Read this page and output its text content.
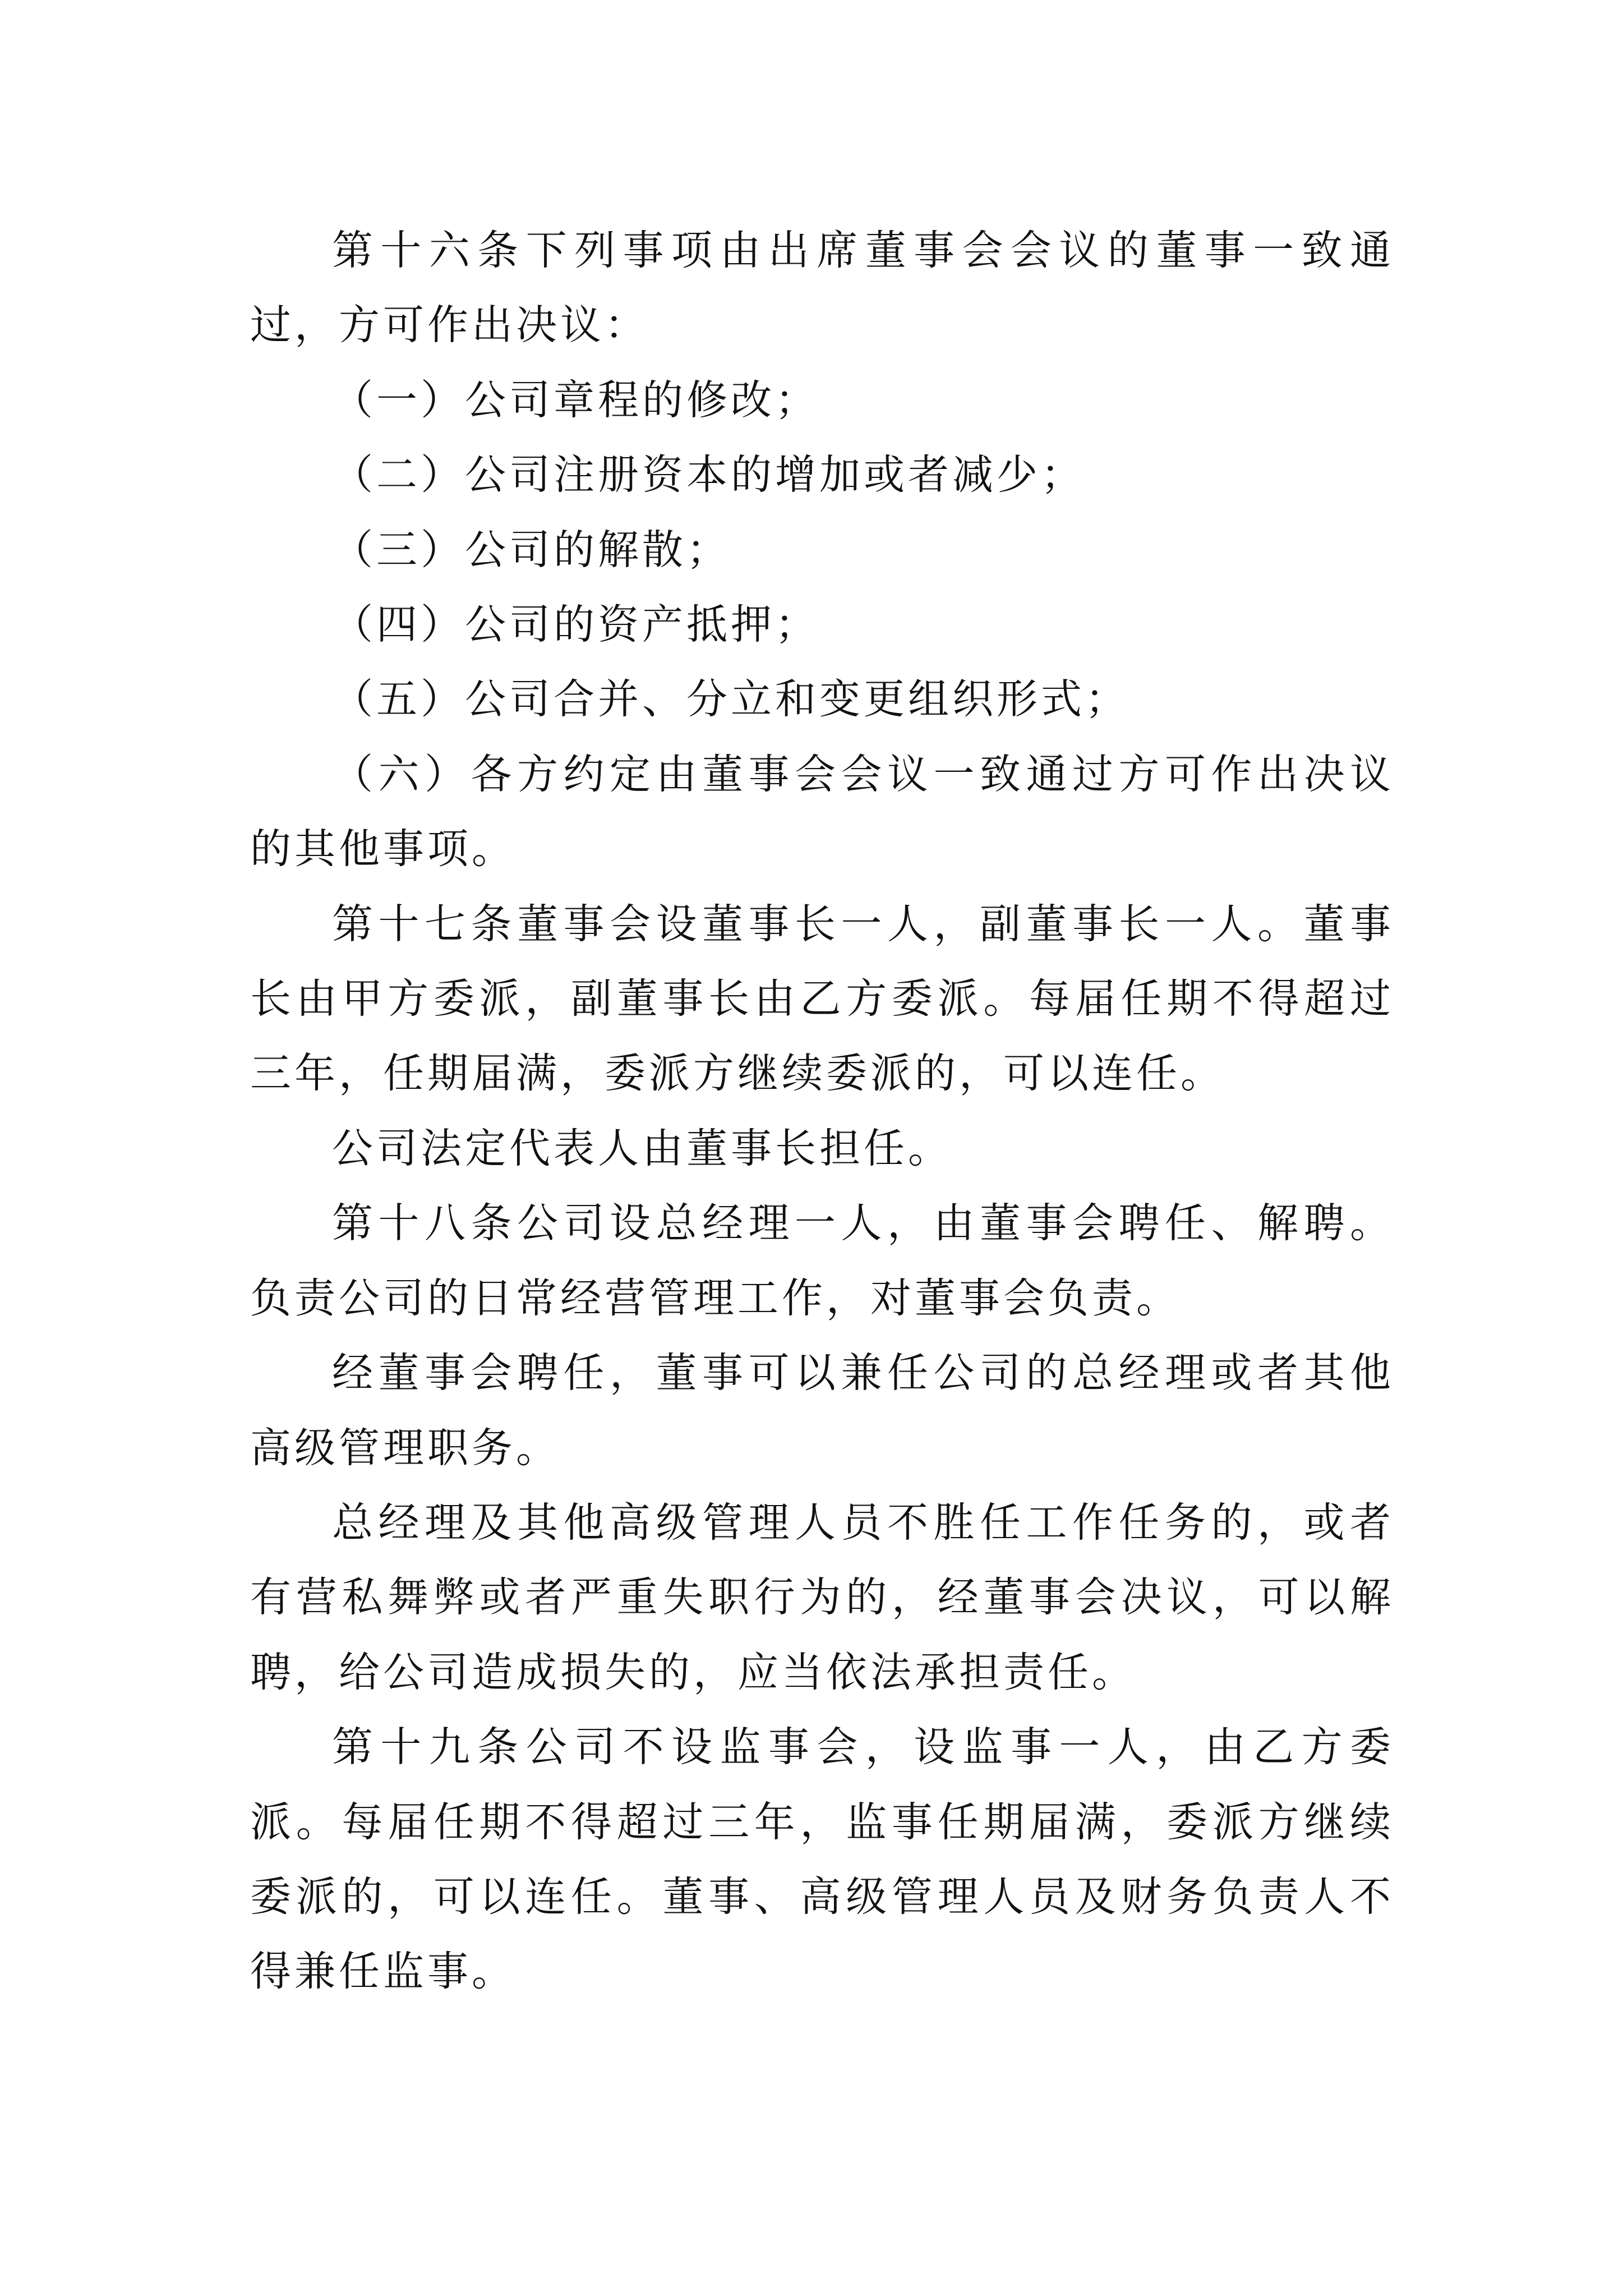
第十六条下列事项由出席董事会会议的董事一致通过，方可作出决议：

（一）公司章程的修改；

（二）公司注册资本的增加或者减少；

（三）公司的解散；

（四）公司的资产抵押；

（五）公司合并、分立和变更组织形式；

（六）各方约定由董事会会议一致通过方可作出决议的其他事项。

第十七条董事会设董事长一人，副董事长一人。董事长由甲方委派，副董事长由乙方委派。每届任期不得超过三年，任期届满，委派方继续委派的，可以连任。

公司法定代表人由董事长担任。

第十八条公司设总经理一人，由董事会聘任、解聘。负责公司的日常经营管理工作，对董事会负责。

经董事会聘任，董事可以兼任公司的总经理或者其他高级管理职务。

总经理及其他高级管理人员不胜任工作任务的，或者有营私舞弊或者严重失职行为的，经董事会决议，可以解聘，给公司造成损失的，应当依法承担责任。

第十九条公司不设监事会，设监事一人，由乙方委派。每届任期不得超过三年，监事任期届满，委派方继续委派的，可以连任。董事、高级管理人员及财务负责人不得兼任监事。
